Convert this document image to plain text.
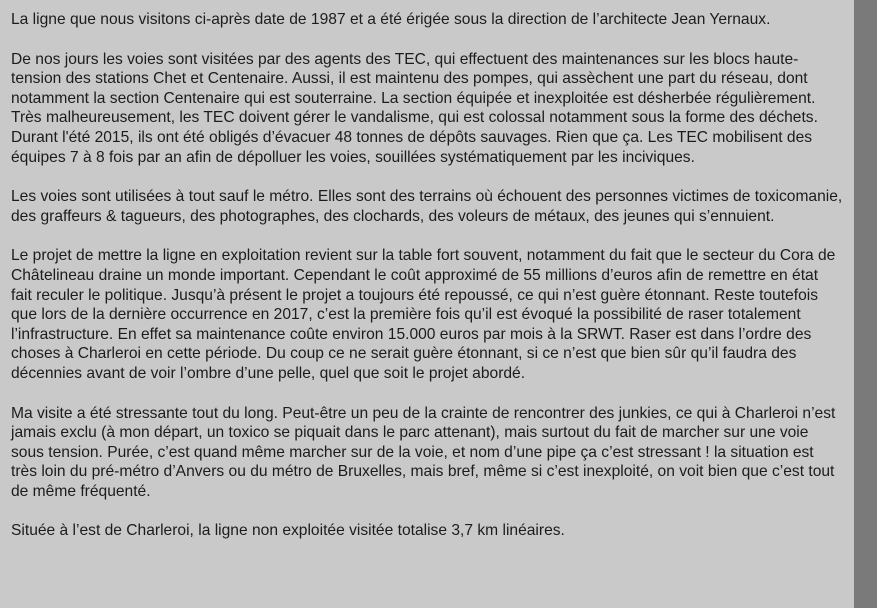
La ligne que nous visitons ci-après date de 1987 et a été érigée sous la direction de l’architecte Jean Yernaux.

De nos jours les voies sont visitées par des agents des TEC, qui effectuent des maintenances sur les blocs haute-tension des stations Chet et Centenaire. Aussi, il est maintenu des pompes, qui assèchent une part du réseau, dont notamment la section Centenaire qui est souterraine. La section équipée et inexploitée est désherbée régulièrement. Très malheureusement, les TEC doivent gérer le vandalisme, qui est colossal notamment sous la forme des déchets. Durant l'été 2015, ils ont été obligés d’évacuer 48 tonnes de dépôts sauvages. Rien que ça. Les TEC mobilisent des équipes 7 à 8 fois par an afin de dépolluer les voies, souillées systématiquement par les inciviques.

Les voies sont utilisées à tout sauf le métro. Elles sont des terrains où échouent des personnes victimes de toxicomanie, des graffeurs & tagueurs, des photographes, des clochards, des voleurs de métaux, des jeunes qui s’ennuient.

Le projet de mettre la ligne en exploitation revient sur la table fort souvent, notamment du fait que le secteur du Cora de Châtelineau draine un monde important. Cependant le coût approximé de 55 millions d’euros afin de remettre en état fait reculer le politique. Jusqu’à présent le projet a toujours été repoussé, ce qui n’est guère étonnant. Reste toutefois que lors de la dernière occurrence en 2017, c’est la première fois qu’il est évoqué la possibilité de raser totalement l’infrastructure. En effet sa maintenance coûte environ 15.000 euros par mois à la SRWT. Raser est dans l’ordre des choses à Charleroi en cette période. Du coup ce ne serait guère étonnant, si ce n’est que bien sûr qu’il faudra des décennies avant de voir l’ombre d’une pelle, quel que soit le projet abordé.

Ma visite a été stressante tout du long. Peut-être un peu de la crainte de rencontrer des junkies, ce qui à Charleroi n’est jamais exclu (à mon départ, un toxico se piquait dans le parc attenant), mais surtout du fait de marcher sur une voie sous tension. Purée, c’est quand même marcher sur de la voie, et nom d’une pipe ça c’est stressant ! la situation est très loin du pré-métro d’Anvers ou du métro de Bruxelles, mais bref, même si c’est inexploité, on voit bien que c’est tout de même fréquenté.

Située à l’est de Charleroi, la ligne non exploitée visitée totalise 3,7 km linéaires.
